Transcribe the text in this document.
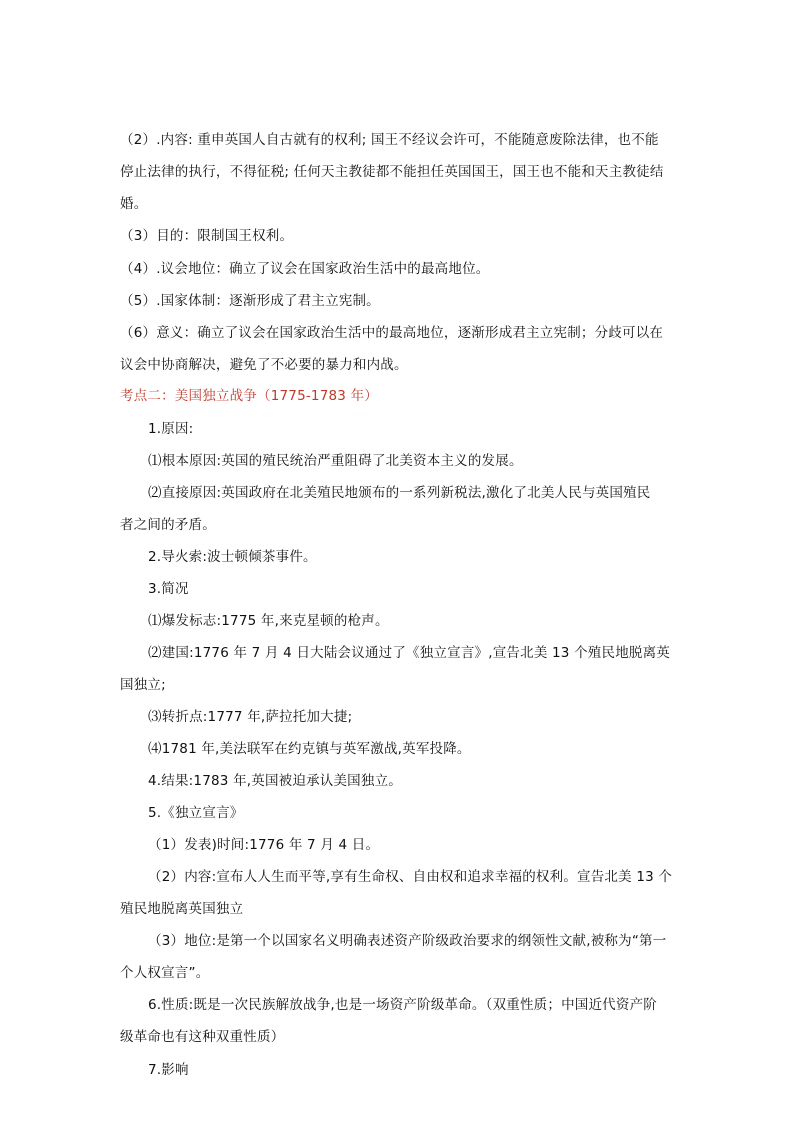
（2）.内容: 重申英国人自古就有的权利; 国王不经议会许可，不能随意废除法律，也不能
停止法律的执行，不得征税; 任何天主教徒都不能担任英国国王，国王也不能和天主教徒结
婚。
（3）目的：限制国王权利。
（4）.议会地位：确立了议会在国家政治生活中的最高地位。
（5）.国家体制：逐渐形成了君主立宪制。
（6）意义：确立了议会在国家政治生活中的最高地位，逐渐形成君主立宪制；分歧可以在
议会中协商解决，避免了不必要的暴力和内战。
考点二：美国独立战争（1775-1783 年）
1.原因:
⑴根本原因:英国的殖民统治严重阻碍了北美资本主义的发展。
⑵直接原因:英国政府在北美殖民地颁布的一系列新税法,激化了北美人民与英国殖民
者之间的矛盾。
2.导火索:波士顿倾茶事件。
3.简况
⑴爆发标志:1775 年,来克星顿的枪声。
⑵建国:1776 年 7 月 4 日大陆会议通过了《独立宣言》,宣告北美 13 个殖民地脱离英
国独立;
⑶转折点:1777 年,萨拉托加大捷;
⑷1781 年,美法联军在约克镇与英军激战,英军投降。
4.结果:1783 年,英国被迫承认美国独立。
5.《独立宣言》
（1）发表)时间:1776 年 7 月 4 日。
（2）内容:宣布人人生而平等,享有生命权、自由权和追求幸福的权利。宣告北美 13 个
殖民地脱离英国独立
（3）地位:是第一个以国家名义明确表述资产阶级政治要求的纲领性文献,被称为“第一
个人权宣言”。
6.性质:既是一次民族解放战争,也是一场资产阶级革命。（双重性质；中国近代资产阶
级革命也有这种双重性质）
7.影响
